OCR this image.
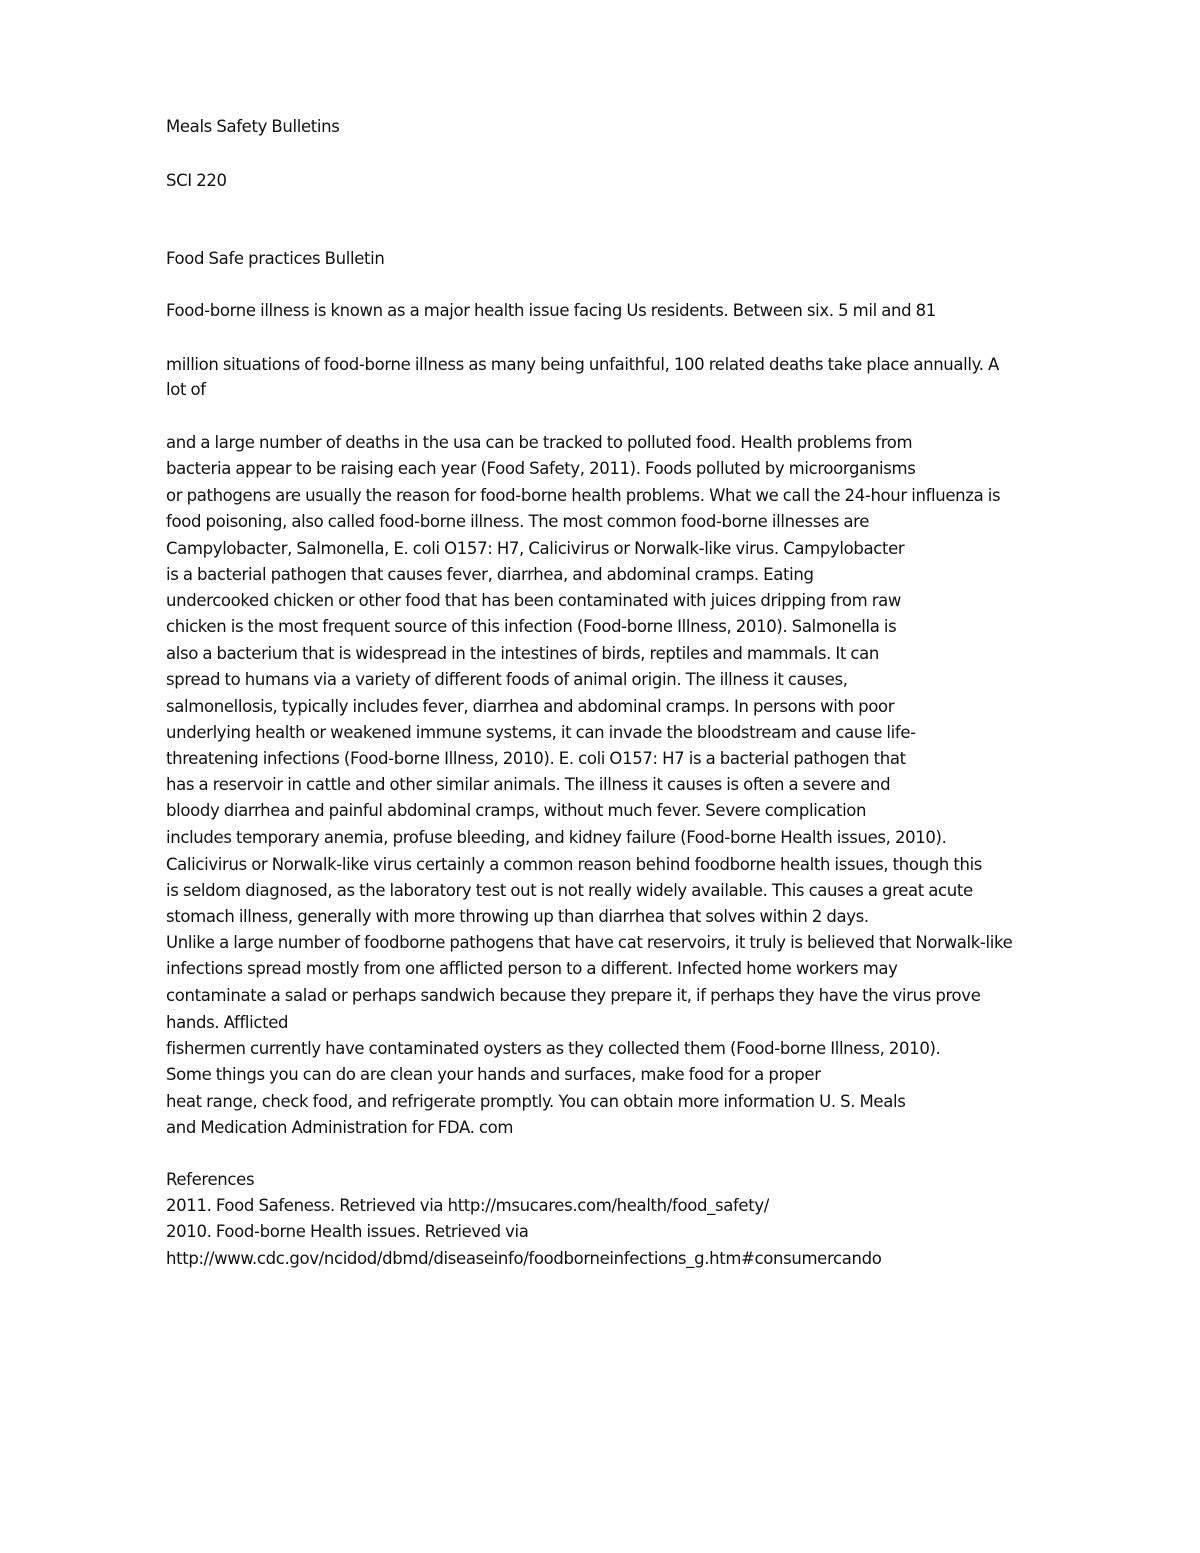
Meals Safety Bulletins
SCI 220
Food Safe practices Bulletin
Food-borne illness is known as a major health issue facing Us residents. Between six. 5 mil and 81
million situations of food-borne illness as many being unfaithful, 100 related deaths take place annually. A
lot of
and a large number of deaths in the usa can be tracked to polluted food. Health problems from
bacteria appear to be raising each year (Food Safety, 2011). Foods polluted by microorganisms
or pathogens are usually the reason for food-borne health problems. What we call the 24-hour influenza is
food poisoning, also called food-borne illness. The most common food-borne illnesses are
Campylobacter, Salmonella, E. coli O157: H7, Calicivirus or Norwalk-like virus. Campylobacter
is a bacterial pathogen that causes fever, diarrhea, and abdominal cramps. Eating
undercooked chicken or other food that has been contaminated with juices dripping from raw
chicken is the most frequent source of this infection (Food-borne Illness, 2010). Salmonella is
also a bacterium that is widespread in the intestines of birds, reptiles and mammals. It can
spread to humans via a variety of different foods of animal origin. The illness it causes,
salmonellosis, typically includes fever, diarrhea and abdominal cramps. In persons with poor
underlying health or weakened immune systems, it can invade the bloodstream and cause life-
threatening infections (Food-borne Illness, 2010). E. coli O157: H7 is a bacterial pathogen that
has a reservoir in cattle and other similar animals. The illness it causes is often a severe and
bloody diarrhea and painful abdominal cramps, without much fever. Severe complication
includes temporary anemia, profuse bleeding, and kidney failure (Food-borne Health issues, 2010).
Calicivirus or Norwalk-like virus certainly a common reason behind foodborne health issues, though this
is seldom diagnosed, as the laboratory test out is not really widely available. This causes a great acute
stomach illness, generally with more throwing up than diarrhea that solves within 2 days.
Unlike a large number of foodborne pathogens that have cat reservoirs, it truly is believed that Norwalk-like
infections spread mostly from one afflicted person to a different. Infected home workers may
contaminate a salad or perhaps sandwich because they prepare it, if perhaps they have the virus prove
hands. Afflicted
fishermen currently have contaminated oysters as they collected them (Food-borne Illness, 2010).
Some things you can do are clean your hands and surfaces, make food for a proper
heat range, check food, and refrigerate promptly. You can obtain more information U. S. Meals
and Medication Administration for FDA. com
References
2011. Food Safeness. Retrieved via http://msucares.com/health/food_safety/
2010. Food-borne Health issues. Retrieved via
http://www.cdc.gov/ncidod/dbmd/diseaseinfo/foodborneinfections_g.htm#consumercando
